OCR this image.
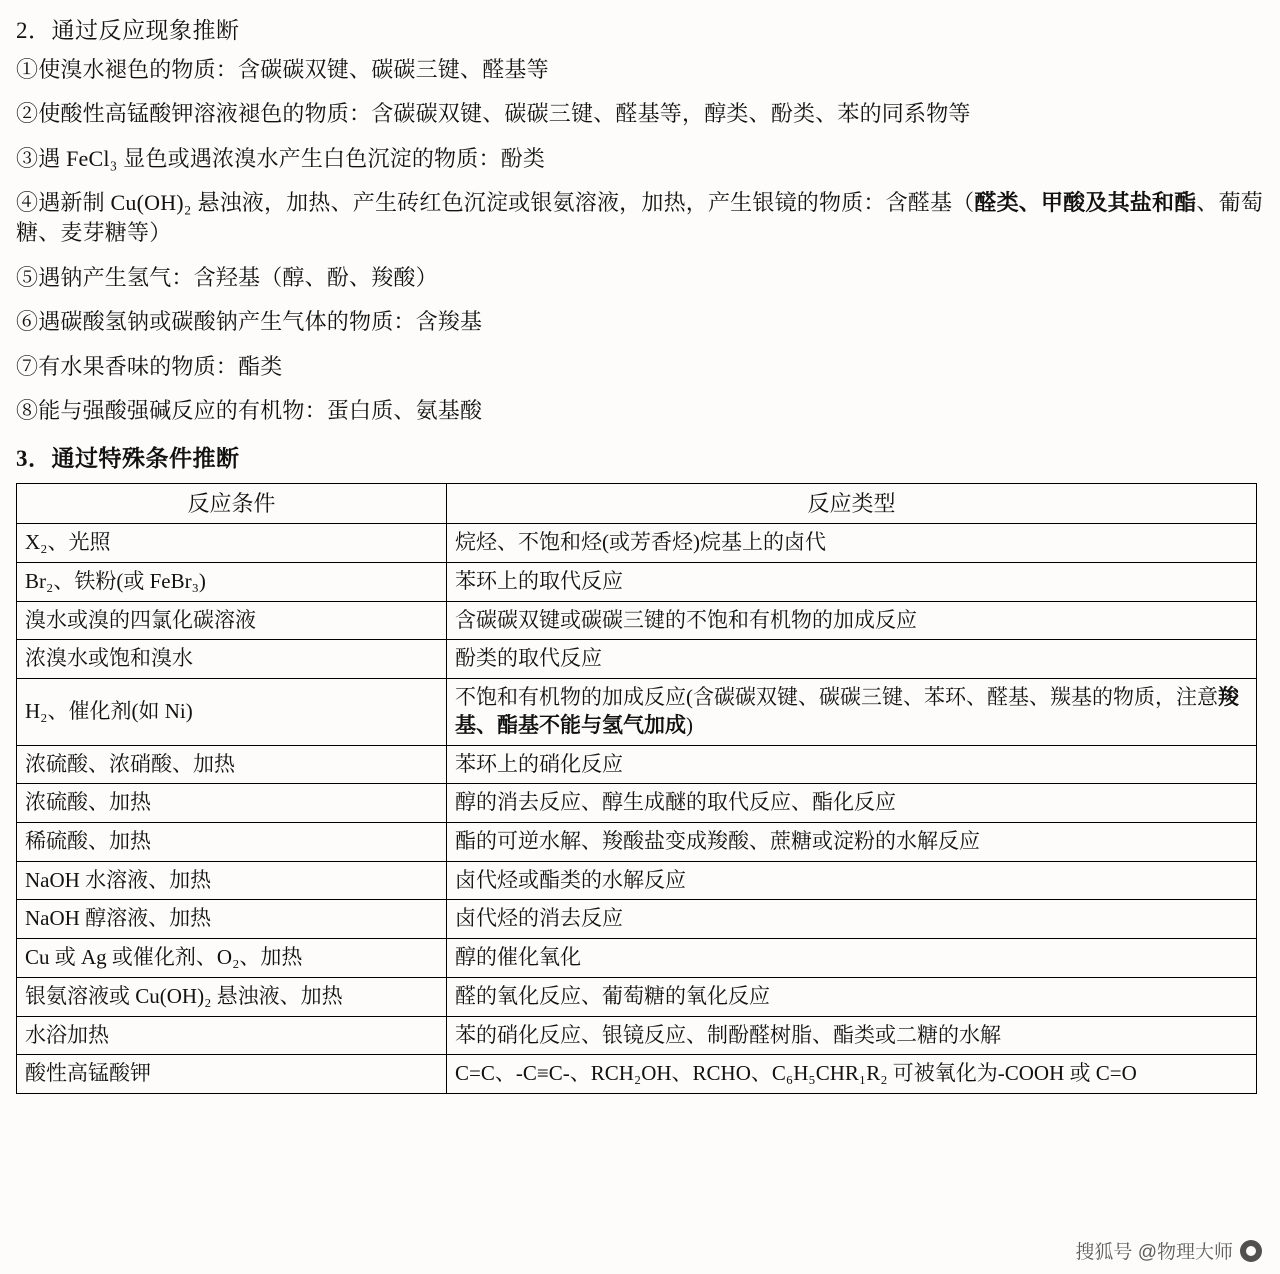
2．通过反应现象推断
①使溴水褪色的物质：含碳碳双键、碳碳三键、醛基等
②使酸性高锰酸钾溶液褪色的物质：含碳碳双键、碳碳三键、醛基等，醇类、酚类、苯的同系物等
③遇 FeCl₃ 显色或遇浓溴水产生白色沉淀的物质：酚类
④遇新制 Cu(OH)₂ 悬浊液，加热、产生砖红色沉淀或银氨溶液，加热，产生银镜的物质：含醛基（醛类、甲酸及其盐和酯、葡萄糖、麦芽糖等）
⑤遇钠产生氢气：含羟基（醇、酚、羧酸）
⑥遇碳酸氢钠或碳酸钠产生气体的物质：含羧基
⑦有水果香味的物质：酯类
⑧能与强酸强碱反应的有机物：蛋白质、氨基酸
3．通过特殊条件推断
反应条件	反应类型
X₂、光照	烷烃、不饱和烃(或芳香烃)烷基上的卤代
Br₂、铁粉(或 FeBr₃)	苯环上的取代反应
溴水或溴的四氯化碳溶液	含碳碳双键或碳碳三键的不饱和有机物的加成反应
浓溴水或饱和溴水	酚类的取代反应
H₂、催化剂(如 Ni)	不饱和有机物的加成反应(含碳碳双键、碳碳三键、苯环、醛基、羰基的物质，注意羧基、酯基不能与氢气加成)
浓硫酸、浓硝酸、加热	苯环上的硝化反应
浓硫酸、加热	醇的消去反应、醇生成醚的取代反应、酯化反应
稀硫酸、加热	酯的可逆水解、羧酸盐变成羧酸、蔗糖或淀粉的水解反应
NaOH 水溶液、加热	卤代烃或酯类的水解反应
NaOH 醇溶液、加热	卤代烃的消去反应
Cu 或 Ag 或催化剂、O₂、加热	醇的催化氧化
银氨溶液或 Cu(OH)₂ 悬浊液、加热	醛的氧化反应、葡萄糖的氧化反应
水浴加热	苯的硝化反应、银镜反应、制酚醛树脂、酯类或二糖的水解
酸性高锰酸钾	C=C、-C≡C-、RCH₂OH、RCHO、C₆H₅CHR₁R₂ 可被氧化为-COOH 或 C=O
搜狐号 @物理大师
